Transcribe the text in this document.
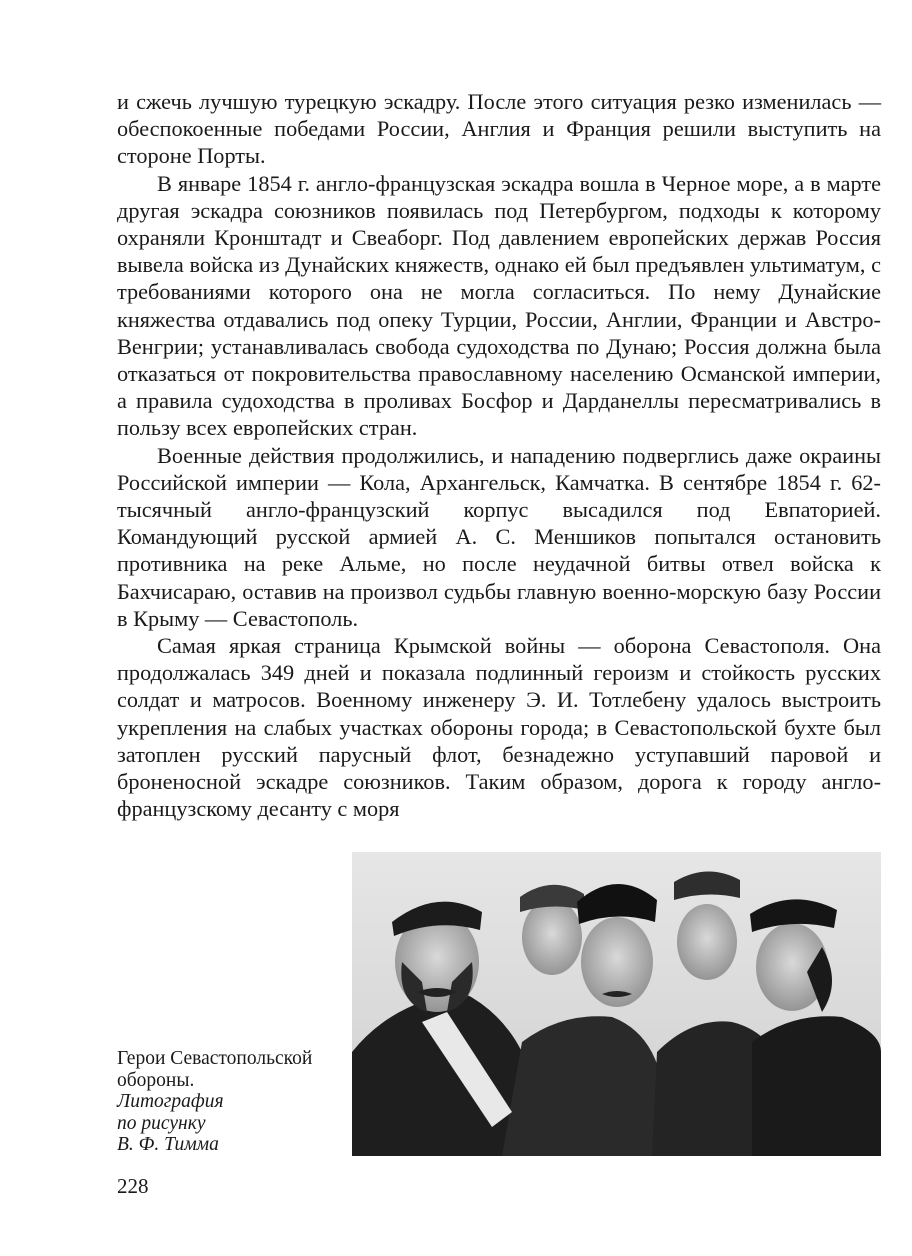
и сжечь лучшую турецкую эскадру. После этого ситуация резко изменилась — обеспокоенные победами России, Англия и Франция решили выступить на стороне Порты.

В январе 1854 г. англо-французская эскадра вошла в Черное море, а в марте другая эскадра союзников появилась под Петербургом, подходы к которому охраняли Кронштадт и Свеаборг. Под давлением европейских держав Россия вывела войска из Дунайских княжеств, однако ей был предъявлен ультиматум, с требованиями которого она не могла согласиться. По нему Дунайские княжества отдавались под опеку Турции, России, Англии, Франции и Австро-Венгрии; устанавливалась свобода судоходства по Дунаю; Россия должна была отказаться от покровительства православному населению Османской империи, а правила судоходства в проливах Босфор и Дарданеллы пересматривались в пользу всех европейских стран.

Военные действия продолжились, и нападению подверглись даже окраины Российской империи — Кола, Архангельск, Камчатка. В сентябре 1854 г. 62-тысячный англо-французский корпус высадился под Евпаторией. Командующий русской армией А. С. Меншиков попытался остановить противника на реке Альме, но после неудачной битвы отвел войска к Бахчисараю, оставив на произвол судьбы главную военно-морскую базу России в Крыму — Севастополь.

Самая яркая страница Крымской войны — оборона Севастополя. Она продолжалась 349 дней и показала подлинный героизм и стойкость русских солдат и матросов. Военному инженеру Э. И. Тотлебену удалось выстроить укрепления на слабых участках обороны города; в Севастопольской бухте был затоплен русский парусный флот, безнадежно уступавший паровой и броненосной эскадре союзников. Таким образом, дорога к городу англо-французскому десанту с моря

Герои Севастопольской
обороны.
Литография
по рисунку
В. Ф. Тимма
228
